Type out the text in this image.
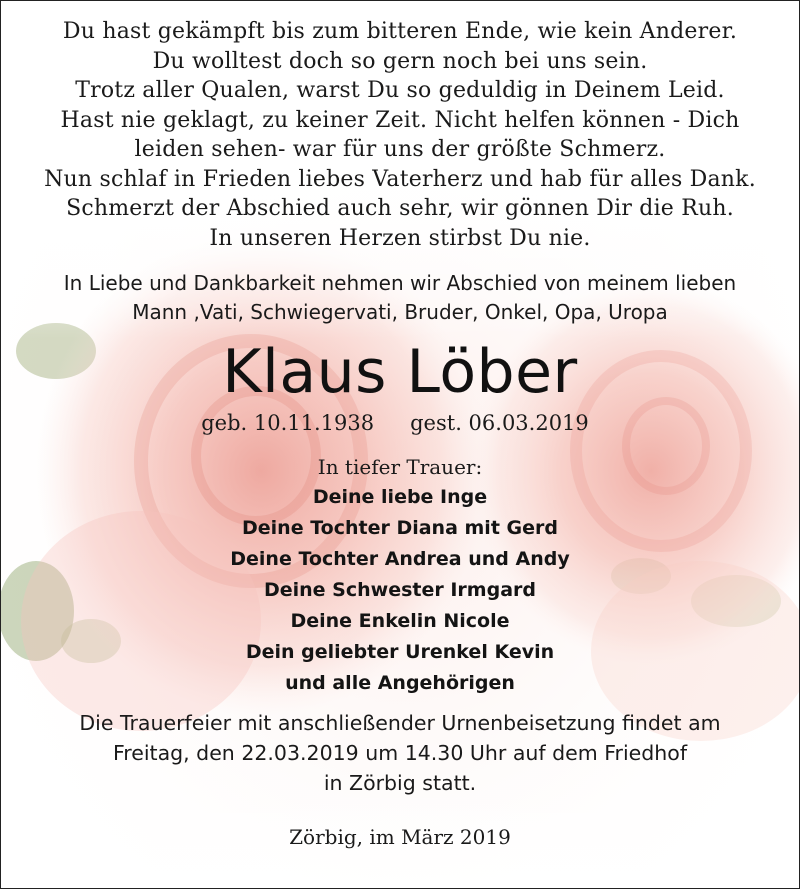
Du hast gekämpft bis zum bitteren Ende, wie kein Anderer.
Du wolltest doch so gern noch bei uns sein.
Trotz aller Qualen, warst Du so geduldig in Deinem Leid.
Hast nie geklagt, zu keiner Zeit. Nicht helfen können - Dich
leiden sehen- war für uns der größte Schmerz.
Nun schlaf in Frieden liebes Vaterherz und hab für alles Dank.
Schmerzt der Abschied auch sehr, wir gönnen Dir die Ruh.
In unseren Herzen stirbst Du nie.
In Liebe und Dankbarkeit nehmen wir Abschied von meinem lieben
Mann ,Vati, Schwiegervati, Bruder, Onkel, Opa, Uropa
Klaus Löber
geb. 10.11.1938 gest. 06.03.2019
In tiefer Trauer:
Deine liebe Inge
Deine Tochter Diana mit Gerd
Deine Tochter Andrea und Andy
Deine Schwester Irmgard
Deine Enkelin Nicole
Dein geliebter Urenkel Kevin
und alle Angehörigen
Die Trauerfeier mit anschließender Urnenbeisetzung findet am
Freitag, den 22.03.2019 um 14.30 Uhr auf dem Friedhof
in Zörbig statt.
Zörbig, im März 2019
